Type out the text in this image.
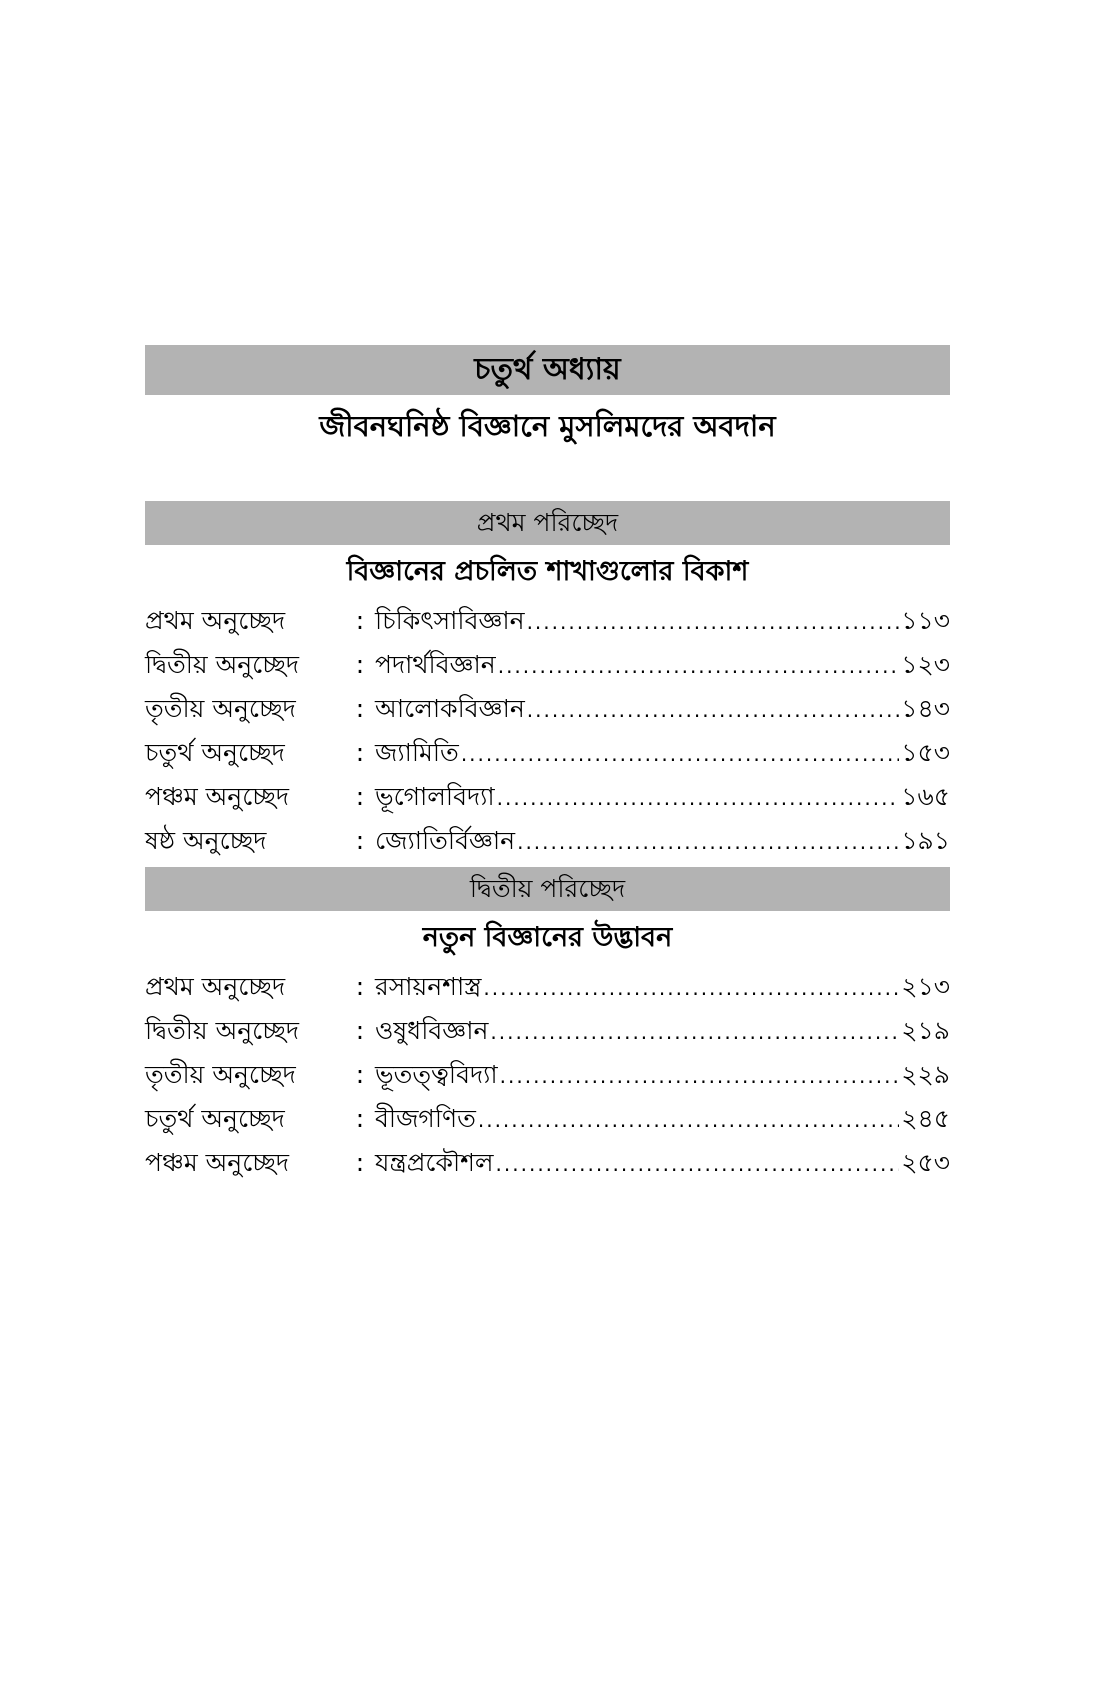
চতুর্থ অধ্যায়
জীবনঘনিষ্ঠ বিজ্ঞানে মুসলিমদের অবদান
প্রথম পরিচ্ছেদ
বিজ্ঞানের প্রচলিত শাখাগুলোর বিকাশ
প্রথম অনুচ্ছেদ	: চিকিৎসাবিজ্ঞান .....	১১৩
দ্বিতীয় অনুচ্ছেদ	: পদার্থবিজ্ঞান .....	১২৩
তৃতীয় অনুচ্ছেদ	: আলোকবিজ্ঞান .....	১৪৩
চতুর্থ অনুচ্ছেদ	: জ্যামিতি .....	১৫৩
পঞ্চম অনুচ্ছেদ	: ভূগোলবিদ্যা .....	১৬৫
ষষ্ঠ অনুচ্ছেদ	: জ্যোতির্বিজ্ঞান .....	১৯১
দ্বিতীয় পরিচ্ছেদ
নতুন বিজ্ঞানের উদ্ভাবন
প্রথম অনুচ্ছেদ	: রসায়নশাস্ত্র .....	২১৩
দ্বিতীয় অনুচ্ছেদ	: ওষুধবিজ্ঞান .....	২১৯
তৃতীয় অনুচ্ছেদ	: ভূতত্ত্ববিদ্যা .....	২২৯
চতুর্থ অনুচ্ছেদ	: বীজগণিত .....	২৪৫
পঞ্চম অনুচ্ছেদ	: যন্ত্রপ্রকৌশল .....	২৫৩
